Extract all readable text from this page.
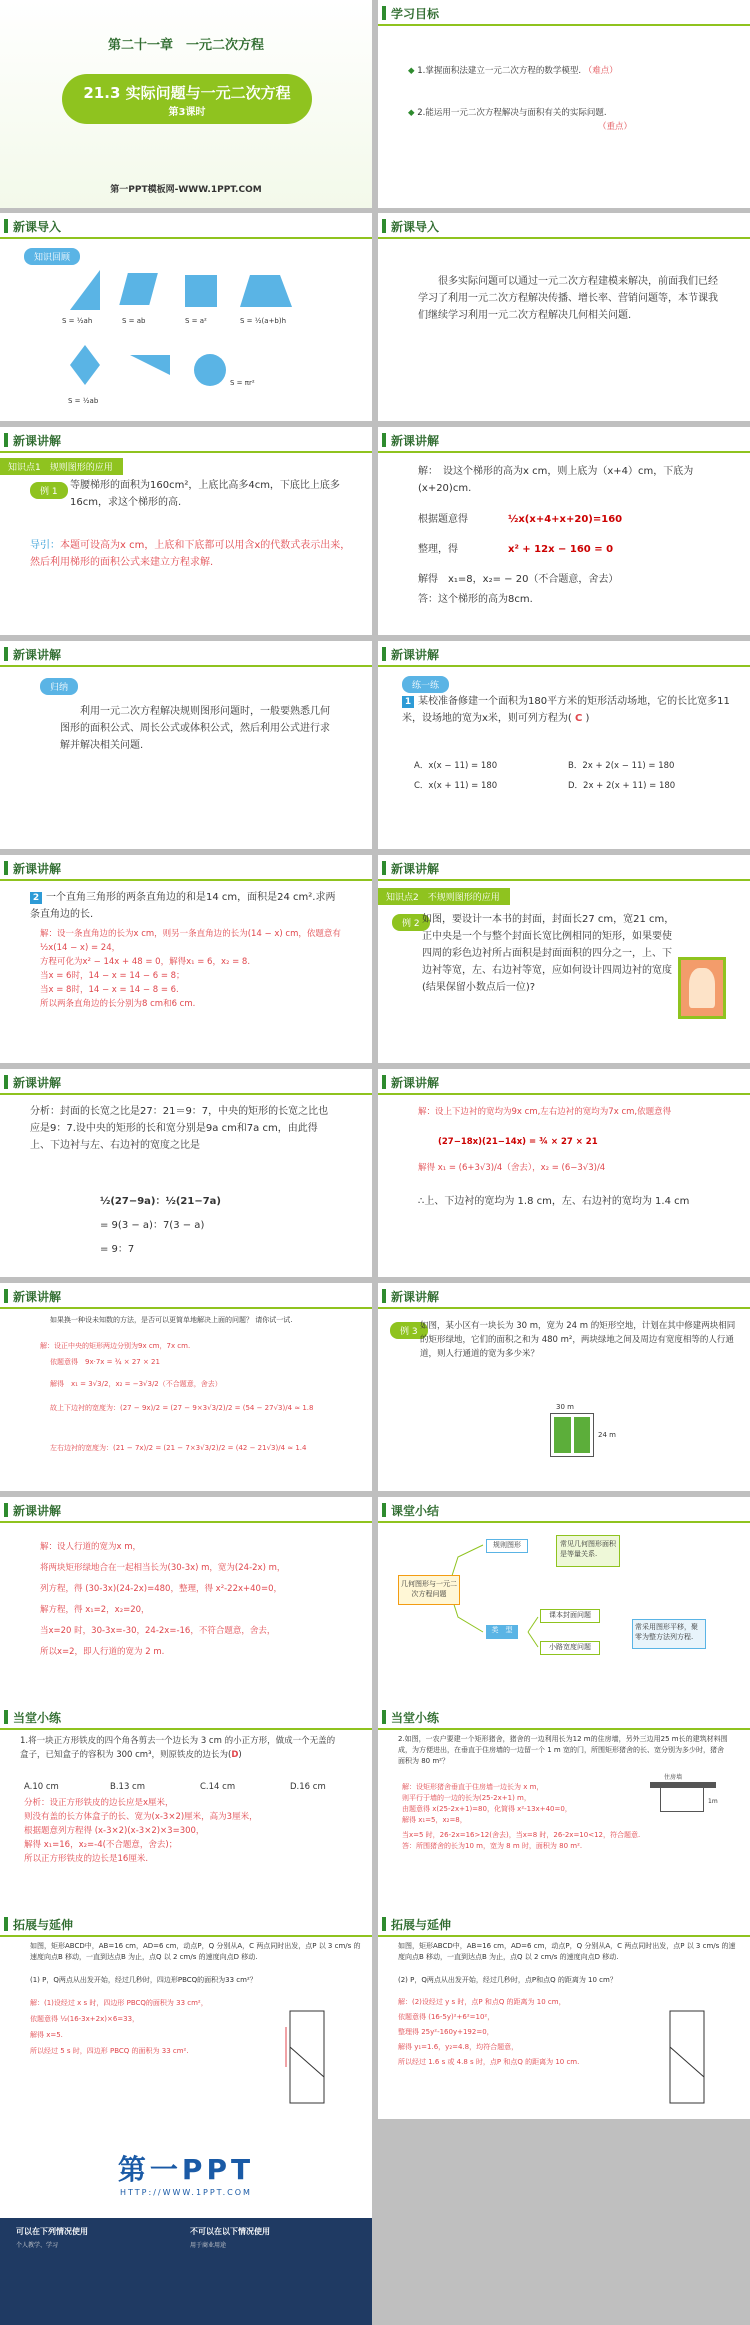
第二十一章　一元二次方程
21.3 实际问题与一元二次方程
第3课时
第一PPT模板网-WWW.1PPT.COM
学习目标
◆ 1.掌握面积法建立一元二次方程的数学模型. （难点）
◆ 2.能运用一元二次方程解决与面积有关的实际问题.
（重点）
新课导入
知识回顾
S = ½ah	S = ab	S = a²	S = ½(a+b)h
S = ½ab
S = πr²
新课导入
很多实际问题可以通过一元二次方程建模来解决，前面我们已经学习了利用一元二次方程解决传播、增长率、营销问题等，本节课我们继续学习利用一元二次方程解决几何相关问题.
新课讲解
知识点1　规则图形的应用
例 1
等腰梯形的面积为160cm²，上底比高多4cm，下底比上底多16cm，求这个梯形的高.
导引：本题可设高为x cm，上底和下底都可以用含x的代数式表示出来，然后利用梯形的面积公式来建立方程求解.
新课讲解
解：　设这个梯形的高为x cm，则上底为（x+4）cm，下底为(x+20)cm.
根据题意得	½x(x+4+x+20)=160
整理，得	x² + 12x − 160 = 0
解得　x₁=8，x₂= − 20（不合题意，舍去）
答：这个梯形的高为8cm.
新课讲解
归纳
利用一元二次方程解决规则图形问题时，一般要熟悉几何图形的面积公式、周长公式或体积公式，然后利用公式进行求解并解决相关问题.
新课讲解
练一练
1 某校准备修建一个面积为180平方米的矩形活动场地，它的长比宽多11米，设场地的宽为x米，则可列方程为( C )
A．x(x − 11) = 180	B．2x + 2(x − 11) = 180
C．x(x + 11) = 180	D．2x + 2(x + 11) = 180
新课讲解
2 一个直角三角形的两条直角边的和是14 cm，面积是24 cm².求两条直角边的长.
解：设一条直角边的长为x cm，则另一条直角边的长为(14 − x) cm，依题意有½x(14 − x) = 24，
方程可化为x² − 14x + 48 = 0，解得x₁ = 6，x₂ = 8.
当x = 6时，14 − x = 14 − 6 = 8；
当x = 8时，14 − x = 14 − 8 = 6.
所以两条直角边的长分别为8 cm和6 cm.
新课讲解
知识点2　不规则图形的应用
例 2 如图，要设计一本书的封面，封面长27 cm，宽21 cm，正中央是一个与整个封面长宽比例相同的矩形，如果要使四周的彩色边衬所占面积是封面面积的四分之一，上、下边衬等宽，左、右边衬等宽，应如何设计四周边衬的宽度(结果保留小数点后一位)?
新课讲解
分析：封面的长宽之比是27：21＝9：7，中央的矩形的长宽之比也应是9：7.设中央的矩形的长和宽分别是9a cm和7a cm，由此得上、下边衬与左、右边衬的宽度之比是
½(27−9a)：½(21−7a)
= 9(3 − a)：7(3 − a)
= 9：7
新课讲解
解：设上下边衬的宽均为9x cm,左右边衬的宽均为7x cm,依题意得
(27−18x)(21−14x) = ¾ × 27 × 21
解得 x₁ = (6+3√3)/4（舍去），x₂ = (6−3√3)/4
∴上、下边衬的宽均为 1.8 cm，左、右边衬的宽均为 1.4 cm
新课讲解
如果换一种设未知数的方法，是否可以更简单地解决上面的问题？ 请你试一试.
解：设正中央的矩形两边分别为9x cm，7x cm.
依题意得　9x·7x = ¾ × 27 × 21
解得　x₁ = 3√3/2，x₂ = −3√3/2（不合题意，舍去）
故上下边衬的宽度为：(27 − 9x)/2 = (27 − 9×3√3/2)/2 = (54 − 27√3)/4 ≈ 1.8
左右边衬的宽度为：(21 − 7x)/2 = (21 − 7×3√3/2)/2 = (42 − 21√3)/4 ≈ 1.4
新课讲解
例 3
如图，某小区有一块长为 30 m，宽为 24 m 的矩形空地，计划在其中修建两块相同的矩形绿地，它们的面积之和为 480 m²，两块绿地之间及周边有宽度相等的人行通道，则人行通道的宽为多少米？
30 m
24 m
新课讲解
解：设人行道的宽为x m，
将两块矩形绿地合在一起相当长为(30-3x) m，宽为(24-2x) m，
列方程，得 (30-3x)(24-2x)=480，整理，得 x²-22x+40=0，
解方程，得 x₁=2，x₂=20，
当x=20 时，30-3x=-30，24-2x=-16，不符合题意，舍去，
所以x=2，即人行道的宽为 2 m.
课堂小结
几何图形与一元二次方程问题
规则图形	常见几何图形面积是等量关系.
类　型
课本封面问题
小路宽度问题
常采用图形平移，聚零为整方法列方程.
当堂小练
1.将一块正方形铁皮的四个角各剪去一个边长为 3 cm 的小正方形，做成一个无盖的盒子，已知盒子的容积为 300 cm³，则原铁皮的边长为(D)
A.10 cm	B.13 cm	C.14 cm	D.16 cm
分析：设正方形铁皮的边长应是x厘米，
则没有盖的长方体盒子的长、宽为(x-3×2)厘米，高为3厘米，
根据题意列方程得 (x-3×2)(x-3×2)×3=300，
解得 x₁=16，x₂=-4(不合题意，舍去)；
所以正方形铁皮的边长是16厘米.
当堂小练
2.如图，一农户要建一个矩形猪舍，猪舍的一边利用长为12 m的住房墙，另外三边用25 m长的建筑材料围成，为方便进出，在垂直于住房墙的一边留一个 1 m 宽的门，所围矩形猪舍的长、宽分别为多少时，猪舍面积为 80 m²？
解：设矩形猪舍垂直于住房墙一边长为 x m，
则平行于墙的一边的长为(25-2x+1) m，
由题意得 x(25-2x+1)=80，化简得 x²-13x+40=0，
解得 x₁=5，x₂=8，
当x=5 时，26-2x=16>12(舍去)，当x=8 时，26-2x=10<12，符合题意.
答：所围猪舍的长为10 m，宽为 8 m 时，面积为 80 m².
住房墙
1m
拓展与延伸
如图，矩形ABCD中，AB=16 cm，AD=6 cm，动点P，Q 分别从A，C 两点同时出发，点P 以 3 cm/s 的速度向点B 移动，一直到达点B 为止，点Q 以 2 cm/s 的速度向点D 移动.
(1) P，Q两点从出发开始，经过几秒时，四边形PBCQ的面积为33 cm²？
解：(1)设经过 x s 时，四边形 PBCQ的面积为 33 cm²，
依题意得 ½(16-3x+2x)×6=33，
解得 x=5.
所以经过 5 s 时，四边形 PBCQ 的面积为 33 cm².
拓展与延伸
如图，矩形ABCD中，AB=16 cm，AD=6 cm，动点P，Q 分别从A，C 两点同时出发，点P 以 3 cm/s 的速度向点B 移动，一直到达点B 为止，点Q 以 2 cm/s 的速度向点D 移动.
(2) P，Q两点从出发开始，经过几秒时，点P和点Q 的距离为 10 cm？
解：(2)设经过 y s 时，点P 和点Q 的距离为 10 cm，
依题意得 (16-5y)²+6²=10²，
整理得 25y²-160y+192=0，
解得 y₁=1.6，y₂=4.8，均符合题意，
所以经过 1.6 s 或 4.8 s 时，点P 和点Q 的距离为 10 cm.
第一PPT
HTTP://WWW.1PPT.COM
可以在下列情况使用	不可以在以下情况使用
个人教学、学习	用于商业用途
